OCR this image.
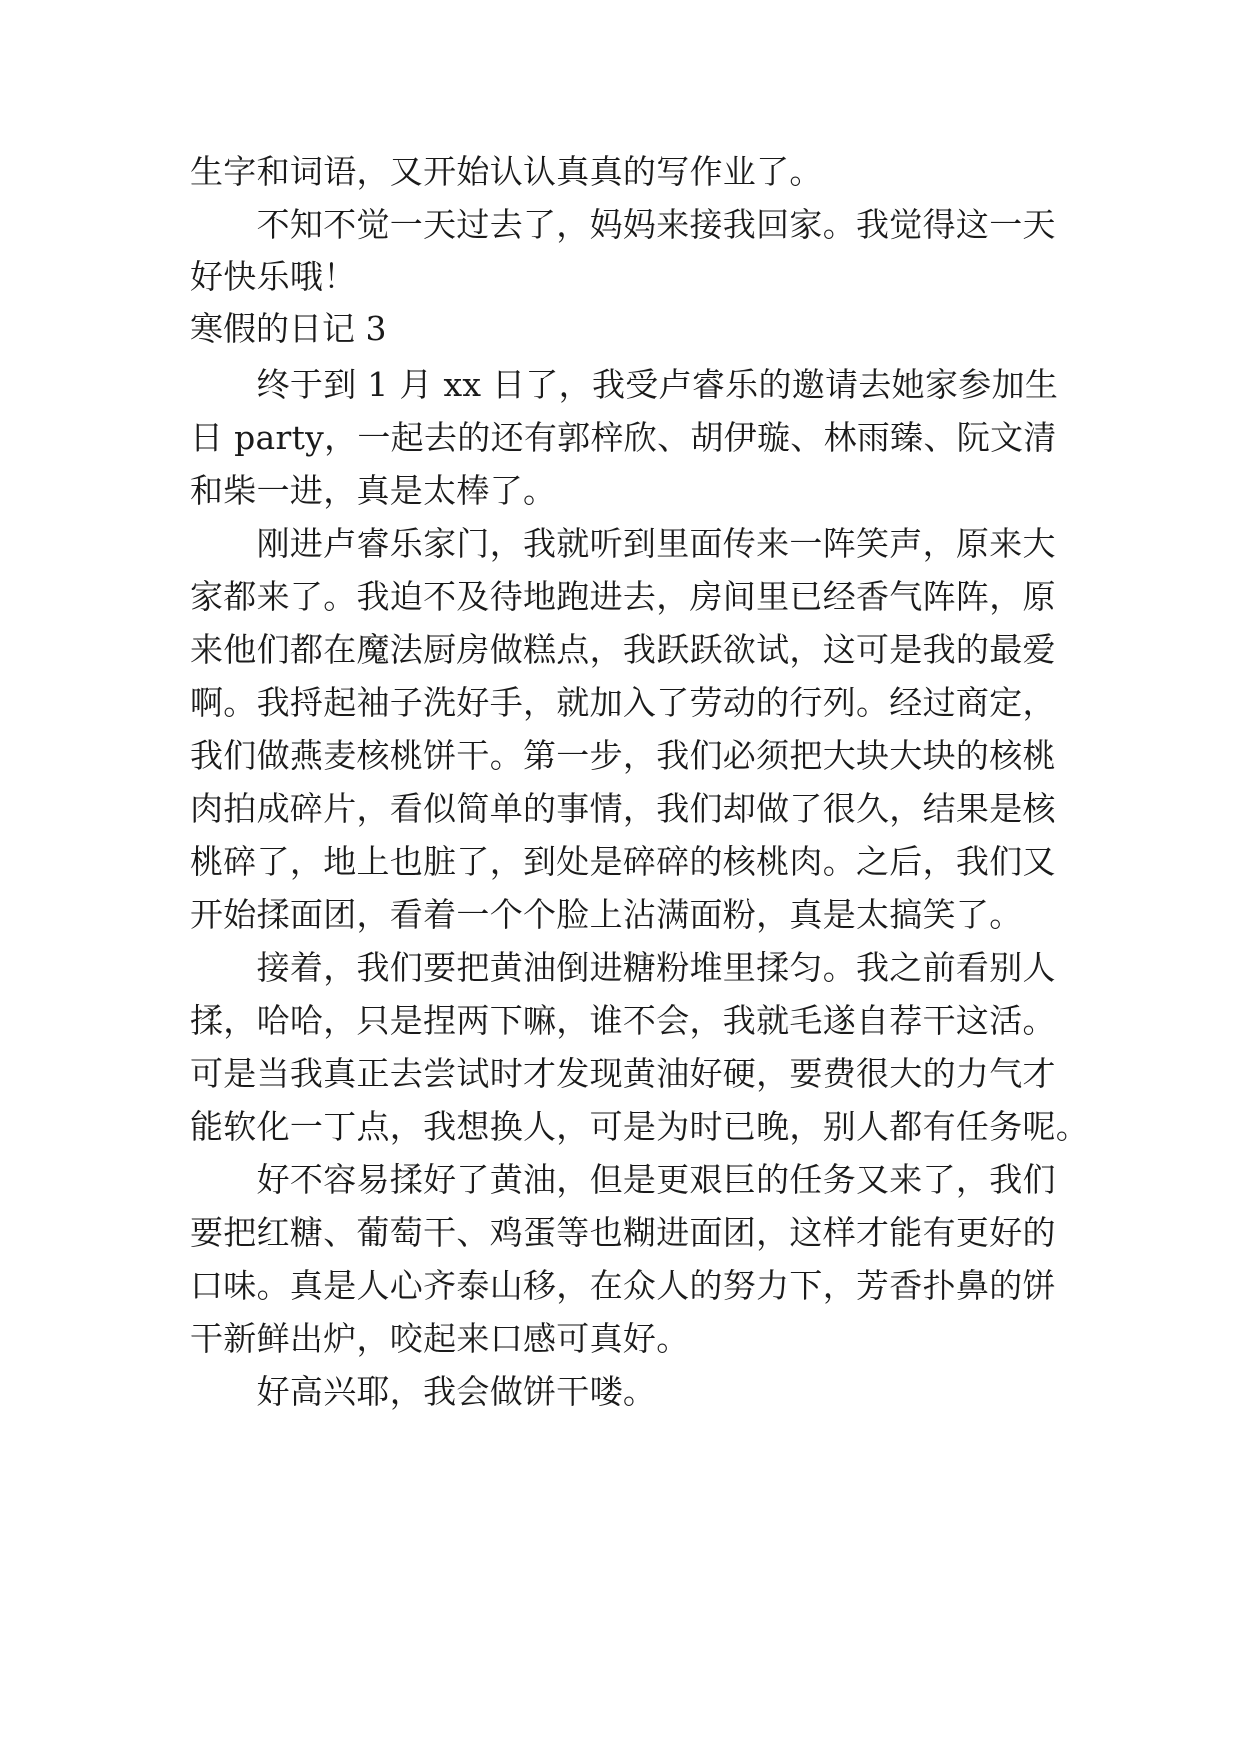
生字和词语，又开始认认真真的写作业了。
　　不知不觉一天过去了，妈妈来接我回家。我觉得这一天
好快乐哦！
寒假的日记 3
　　终于到 1 月 xx 日了，我受卢睿乐的邀请去她家参加生
日 party，一起去的还有郭梓欣、胡伊璇、林雨臻、阮文清
和柴一进，真是太棒了。
　　刚进卢睿乐家门，我就听到里面传来一阵笑声，原来大
家都来了。我迫不及待地跑进去，房间里已经香气阵阵，原
来他们都在魔法厨房做糕点，我跃跃欲试，这可是我的最爱
啊。我捋起袖子洗好手，就加入了劳动的行列。经过商定，
我们做燕麦核桃饼干。第一步，我们必须把大块大块的核桃
肉拍成碎片，看似简单的事情，我们却做了很久，结果是核
桃碎了，地上也脏了，到处是碎碎的核桃肉。之后，我们又
开始揉面团，看着一个个脸上沾满面粉，真是太搞笑了。
　　接着，我们要把黄油倒进糖粉堆里揉匀。我之前看别人
揉，哈哈，只是捏两下嘛，谁不会，我就毛遂自荐干这活。
可是当我真正去尝试时才发现黄油好硬，要费很大的力气才
能软化一丁点，我想换人，可是为时已晚，别人都有任务呢。
　　好不容易揉好了黄油，但是更艰巨的任务又来了，我们
要把红糖、葡萄干、鸡蛋等也糊进面团，这样才能有更好的
口味。真是人心齐泰山移，在众人的努力下，芳香扑鼻的饼
干新鲜出炉，咬起来口感可真好。
　　好高兴耶，我会做饼干喽。
